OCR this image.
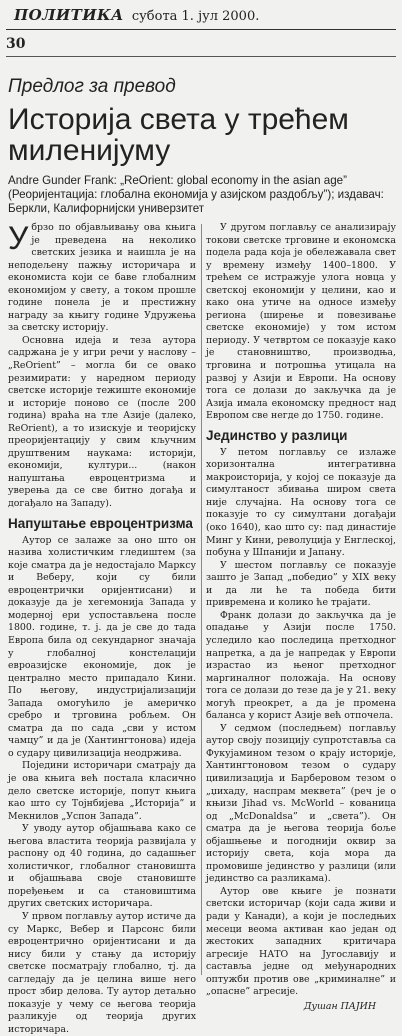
ПОЛИТИКА субота 1. јул 2000.
30
Предлог за превод
Историја света у трећем миленијуму
Andre Gunder Frank: „ReOrient: global economy in the asian age” (Реоријентација: глобална економија у азијском раздобљу”); издавач: Беркли, Калифорнијски универзитет

Убрзо по објављивању ова књига је преведена на неколико светских језика и наишла је на неподељену пажњу историчара и економиста који се баве глобалним економијом у свету, а током прошле године понела је и престижну награду за књигу године Удружења за светску историју.

Основна идеја и теза аутора садржана је у игри речи у наслову – „ReOrient” – могла би се овако резимирати: у наредном периоду светске историје тежиште економије и историје поново се (после 200 година) враћа на тле Азије (далеко, ReOrient), а то изискује и теоријску преоријентацију у свим кључним друштвеним наукама: историји, економији, култури... (након напуштања евроцентризма и уверења да се све битно догађа и догађало на Западу).

Напуштање евроцентризма

Аутор се залаже за оно што он назива холистичким гледиштем (за које сматра да је недостајало Марксу и Веберу, који су били евроцентрички оријентисани) и доказује да је хегемонија Запада у модерној ери успостављена после 1800. године, т. ј. да је све до тада Европа била од секундарног значаја у глобалној констелацији евроазијске економије, док је централно место припадало Кини. По његову, индустријализацији Запада омогућило је америчко сребро и трговина робљем. Он сматра да по сада „сви у истом чамцу” и да је (Хантингтонова) идеја о судару цивилизација неодржива.

Поједини историчари сматрају да је ова књига већ постала класично дело светске историје, попут књига као што су Тојнбијева „Историја” и Мекнилов „Успон Запада”.

У уводу аутор објашњава како се његова властита теорија развијала у распону од 40 година, до садашњег холистичког, глобалног становишта и објашњава своје становиште поређењем и са становиштима других светских историчара.

У првом поглављу аутор истиче да су Маркс, Вебер и Парсонс били евроцентрично оријентисани и да нису били у стању да историју светске посматрају глобално, тј. да сагледају да је целина више него прост збир делова. Ту аутор детаљно показује у чему се његова теорија разликује од теорија других историчара.

У другом поглављу се анализирају токови светске трговине и економска подела рада која је обележавала свет у времену између 1400–1800. У трећем се истражује улога новца у светској економији у целини, као и како она утиче на односе између региона (ширење и повезивање светске економије) у том истом периоду. У четвртом се показује како је становништво, производња, трговина и потрошња утицала на развој у Азији и Европи. На основу тога се долази до закључка да је Азија имала економску предност над Европом све негде до 1750. године.

Јединство у разлици

У петом поглављу се излаже хоризонтална интегративна макроисторија, у којој се показује да симултаност збивања широм света није случајна. На основу тога се показује то су симултани догађаји (око 1640), као што су: пад династије Минг у Кини, револуција у Енглеској, побуна у Шпанији и Јапану.

У шестом поглављу се показује зашто је Запад „победио” у XIX веку и да ли ће та победа бити привремена и колико ће трајати.

Франк долази до закључка да је опадање у Азији после 1750. уследило као последица претходног напретка, а да је напредак у Европи израстао из њеног претходног маргиналног положаја. На основу тога се долази до тезе да је у 21. веку могућ преокрет, а да је промена баланса у корист Азије већ отпочела.

У седмом (последњем) поглављу аутор своју позицију супротставља са Фукујамином тезом о крају историје, Хантингтоновом тезом о судару цивилизација и Барберовом тезом о „џихаду, наспрам меквета” (реч је о књизи Jihad vs. McWorld – кованица од „McDonaldsa” и „света”). Он сматра да је његова теорија боље објашњење и погоднији оквир за историју света, која мора да промовише јединство у разлици (или јединство са разликама).

Аутор ове књиге је познати светски историчар (који сада живи и ради у Канади), а који је последњих месеци веома активан као један од жестоких западних критичара агресије НАТО на Југославију и саставља једне од међународних оптужби против ове „криминалне” и „опасне” агресије.

Душан ПАЈИН
